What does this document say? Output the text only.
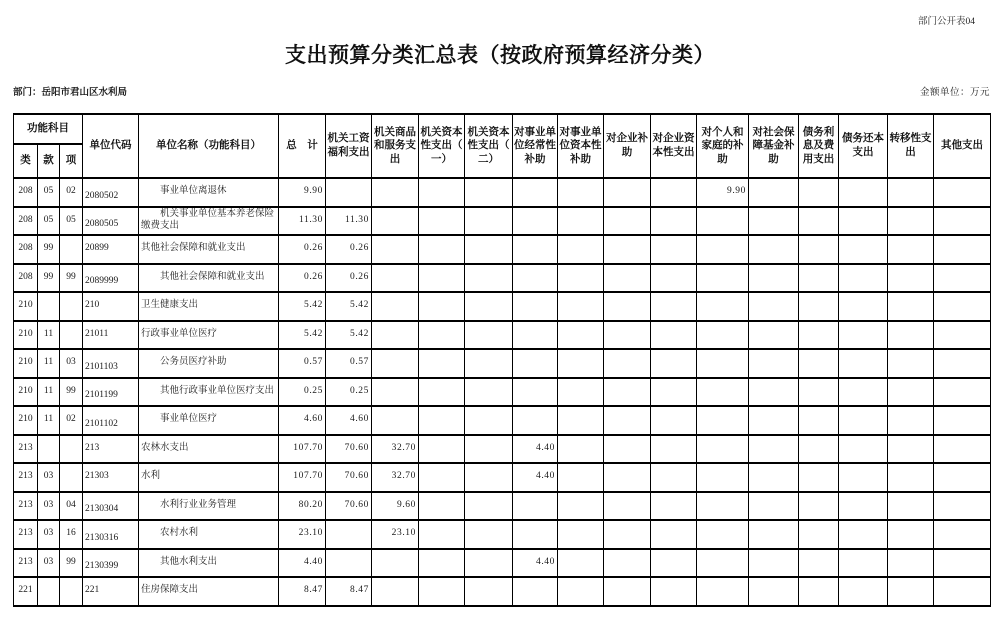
部门公开表04
支出预算分类汇总表（按政府预算经济分类）
部门：岳阳市君山区水利局	金额单位：万元
功能科目			单位代码	单位名称（功能科目）	总　计	机关工资福利支出	机关商品和服务支出	机关资本性支出（一）	机关资本性支出（二）	对事业单位经常性补助	对事业单位资本性补助	对企业补助	对企业资本性支出	对个人和家庭的补助	对社会保障基金补助	债务利息及费用支出	债务还本支出	转移性支出	其他支出
类	款	项																	
208	05	02	2080502	事业单位离退休	9.90									9.90					
208	05	05	2080505	机关事业单位基本养老保险缴费支出	11.30	11.30													
208	99		20899	其他社会保障和就业支出	0.26	0.26													
208	99	99	2089999	其他社会保障和就业支出	0.26	0.26													
210			210	卫生健康支出	5.42	5.42													
210	11		21011	行政事业单位医疗	5.42	5.42													
210	11	03	2101103	公务员医疗补助	0.57	0.57													
210	11	99	2101199	其他行政事业单位医疗支出	0.25	0.25													
210	11	02	2101102	事业单位医疗	4.60	4.60													
213			213	农林水支出	107.70	70.60	32.70			4.40									
213	03		21303	水利	107.70	70.60	32.70			4.40									
213	03	04	2130304	水利行业业务管理	80.20	70.60	9.60												
213	03	16	2130316	农村水利	23.10		23.10												
213	03	99	2130399	其他水利支出	4.40					4.40									
221			221	住房保障支出	8.47	8.47													
